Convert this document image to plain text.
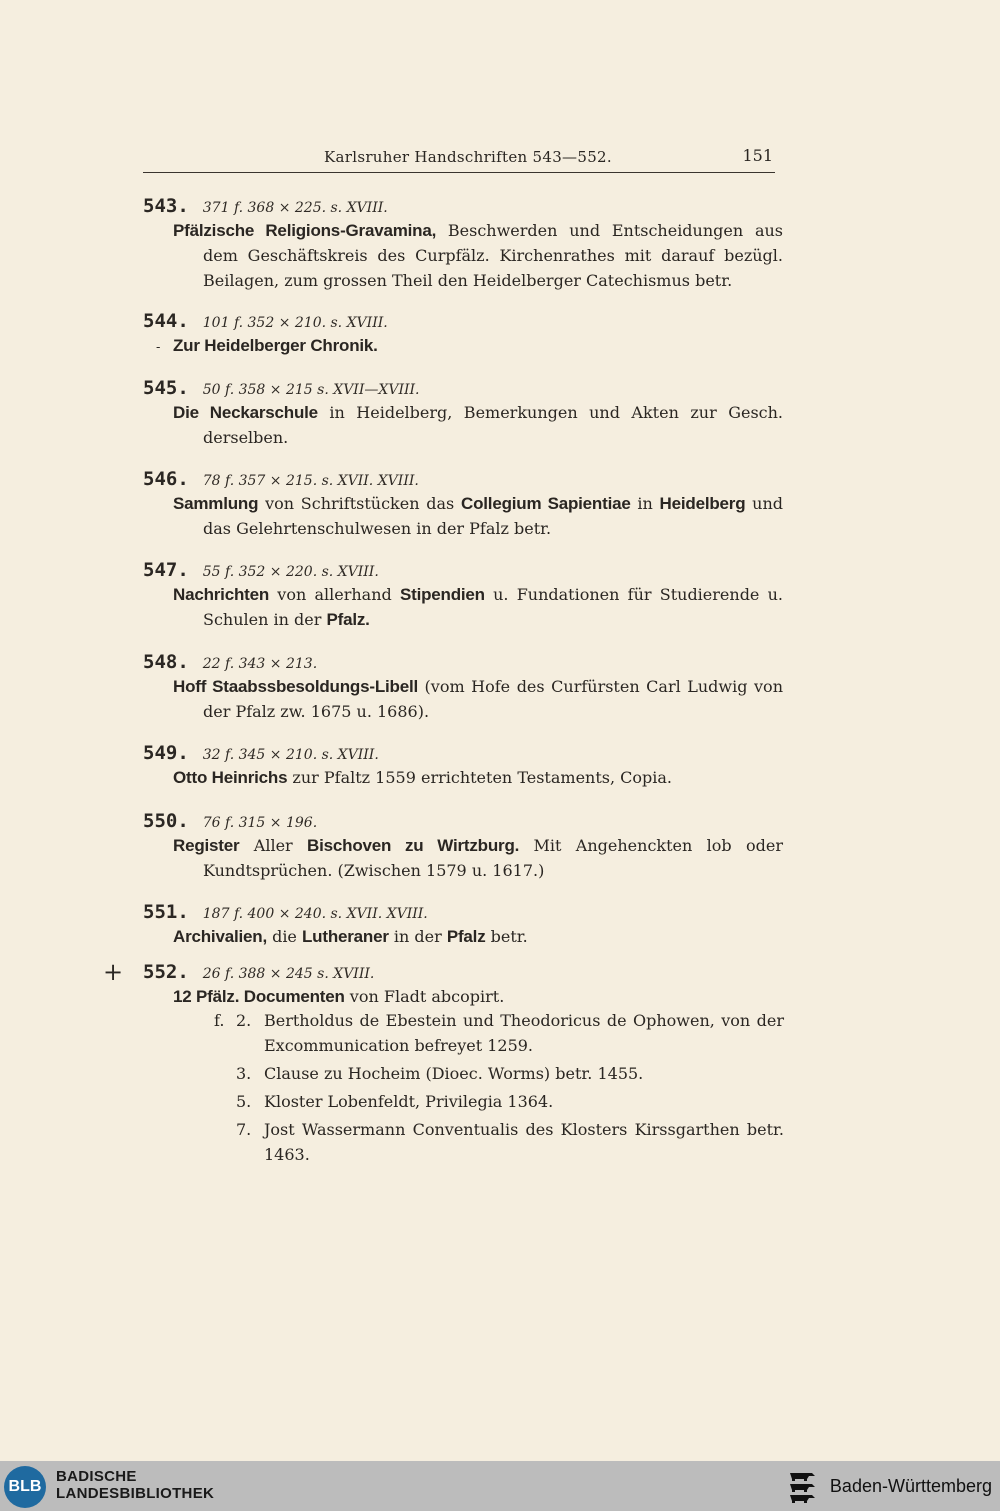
Karlsruher Handschriften 543—552.	151
543. 371 f. 368 × 225. s. XVIII.
Pfälzische Religions-Gravamina, Beschwerden und Entscheidungen aus dem Geschäftskreis des Curpfälz. Kirchenrathes mit darauf bezügl. Beilagen, zum grossen Theil den Heidelberger Catechismus betr.
544. 101 f. 352 × 210. s. XVIII.
Zur Heidelberger Chronik.
-
545. 50 f. 358 × 215 s. XVII—XVIII.
Die Neckarschule in Heidelberg, Bemerkungen und Akten zur Gesch. derselben.
546. 78 f. 357 × 215. s. XVII. XVIII.
Sammlung von Schriftstücken das Collegium Sapientiae in Heidelberg und das Gelehrtenschulwesen in der Pfalz betr.
547. 55 f. 352 × 220. s. XVIII.
Nachrichten von allerhand Stipendien u. Fundationen für Studierende u. Schulen in der Pfalz.
548. 22 f. 343 × 213.
Hoff Staabssbesoldungs-Libell (vom Hofe des Curfürsten Carl Ludwig von der Pfalz zw. 1675 u. 1686).
549. 32 f. 345 × 210. s. XVIII.
Otto Heinrichs zur Pfaltz 1559 errichteten Testaments, Copia.
550. 76 f. 315 × 196.
Register Aller Bischoven zu Wirtzburg. Mit Angehenckten lob oder Kundtsprüchen. (Zwischen 1579 u. 1617.)
551. 187 f. 400 × 240. s. XVII. XVIII.
Archivalien, die Lutheraner in der Pfalz betr.
+ 552. 26 f. 388 × 245 s. XVIII.
12 Pfälz. Documenten von Fladt abcopirt.
f. 2. Bertholdus de Ebestein und Theodoricus de Ophowen, von der Excommunication befreyet 1259.
3. Clause zu Hocheim (Dioec. Worms) betr. 1455.
5. Kloster Lobenfeldt, Privilegia 1364.
7. Jost Wassermann Conventualis des Klosters Kirssgarthen betr. 1463.
BLB
BADISCHE
LANDESBIBLIOTHEK	Baden-Württemberg
